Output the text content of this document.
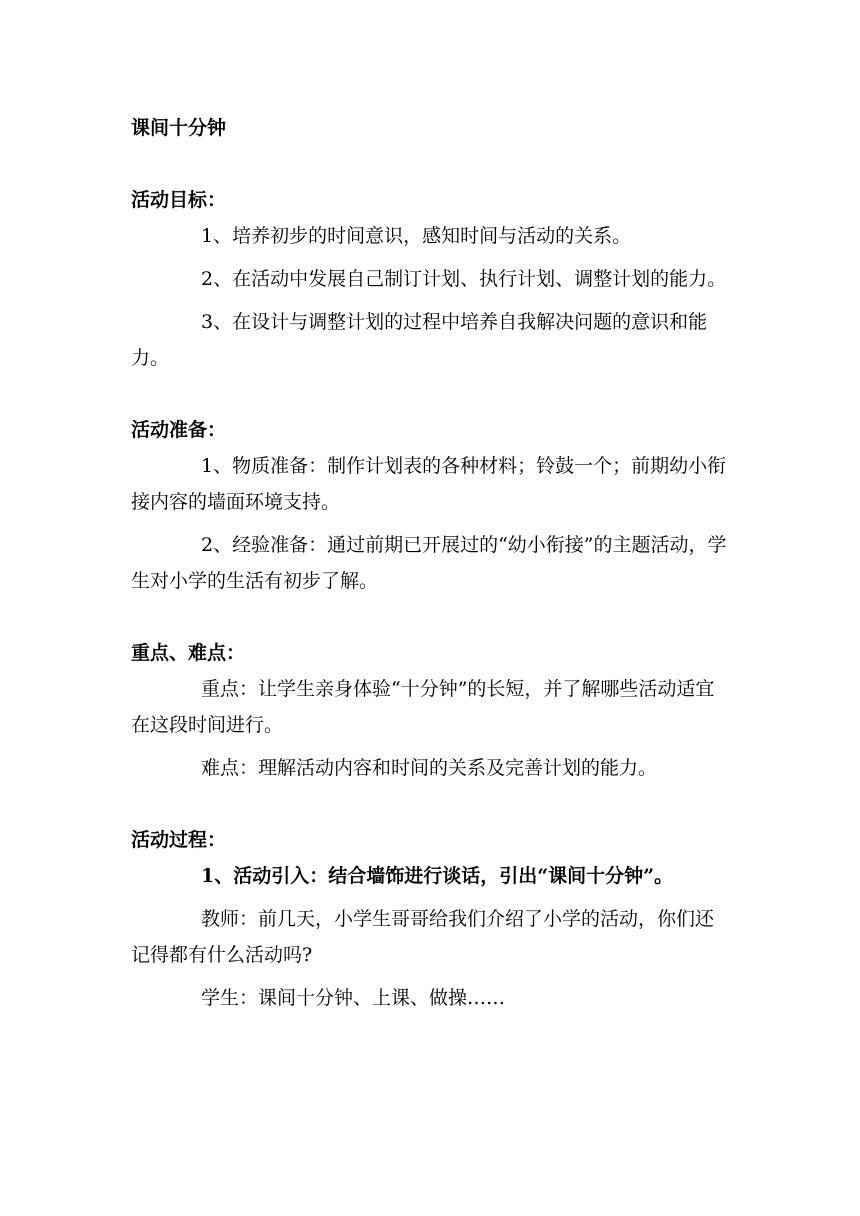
课间十分钟

活动目标：

1、培养初步的时间意识，感知时间与活动的关系。

2、在活动中发展自己制订计划、执行计划、调整计划的能力。

3、在设计与调整计划的过程中培养自我解决问题的意识和能力。

活动准备：

1、物质准备：制作计划表的各种材料；铃鼓一个；前期幼小衔接内容的墙面环境支持。

2、经验准备：通过前期已开展过的“幼小衔接”的主题活动，学生对小学的生活有初步了解。

重点、难点：

重点：让学生亲身体验“十分钟”的长短，并了解哪些活动适宜在这段时间进行。

难点：理解活动内容和时间的关系及完善计划的能力。

活动过程：

1、活动引入：结合墙饰进行谈话，引出“课间十分钟”。

教师：前几天，小学生哥哥给我们介绍了小学的活动，你们还记得都有什么活动吗?

学生：课间十分钟、上课、做操……
